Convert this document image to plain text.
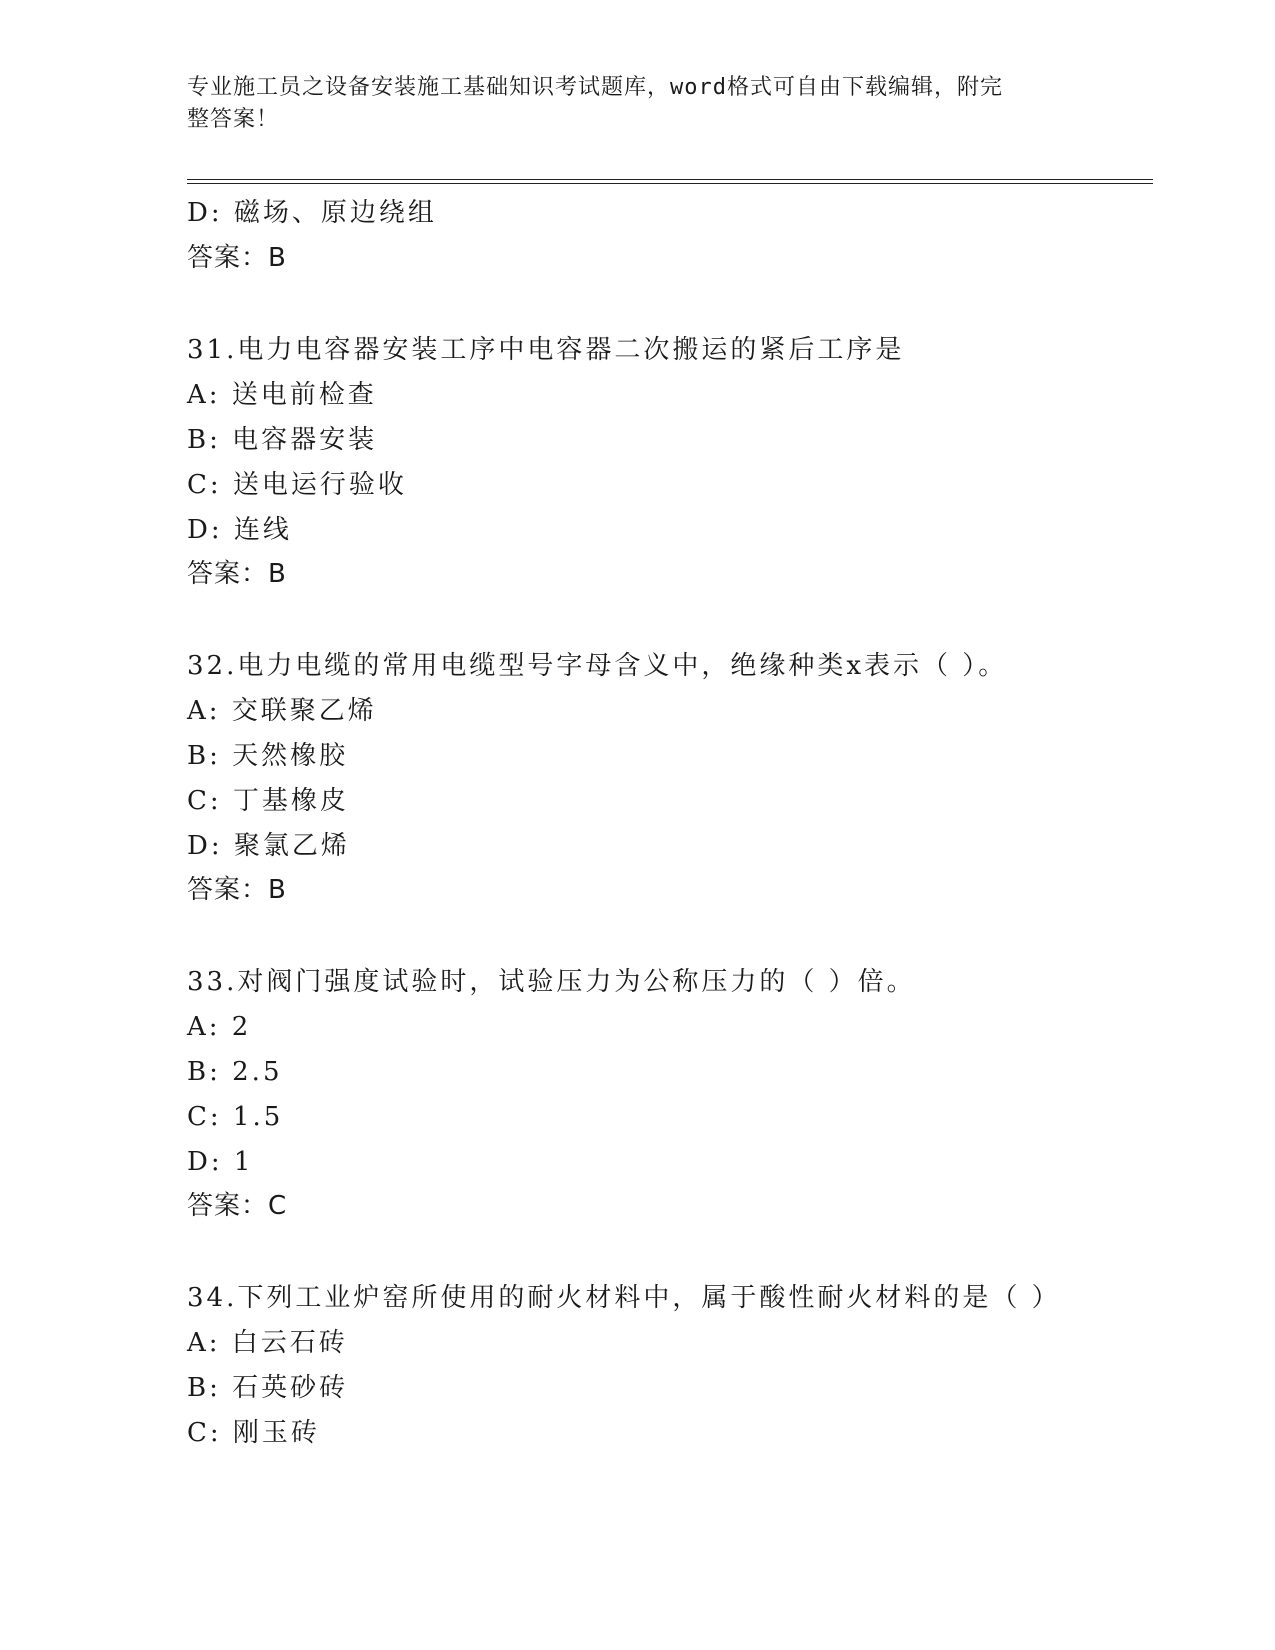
专业施工员之设备安装施工基础知识考试题库，word格式可自由下载编辑，附完
整答案！
D: 磁场、原边绕组
答案：B
31.电力电容器安装工序中电容器二次搬运的紧后工序是
A: 送电前检查
B: 电容器安装
C: 送电运行验收
D: 连线
答案：B
32.电力电缆的常用电缆型号字母含义中，绝缘种类x表示（ ）。
A: 交联聚乙烯
B: 天然橡胶
C: 丁基橡皮
D: 聚氯乙烯
答案：B
33.对阀门强度试验时，试验压力为公称压力的（ ）倍。
A: 2
B: 2.5
C: 1.5
D: 1
答案：C
34.下列工业炉窑所使用的耐火材料中，属于酸性耐火材料的是（ ）
A: 白云石砖
B: 石英砂砖
C: 刚玉砖
